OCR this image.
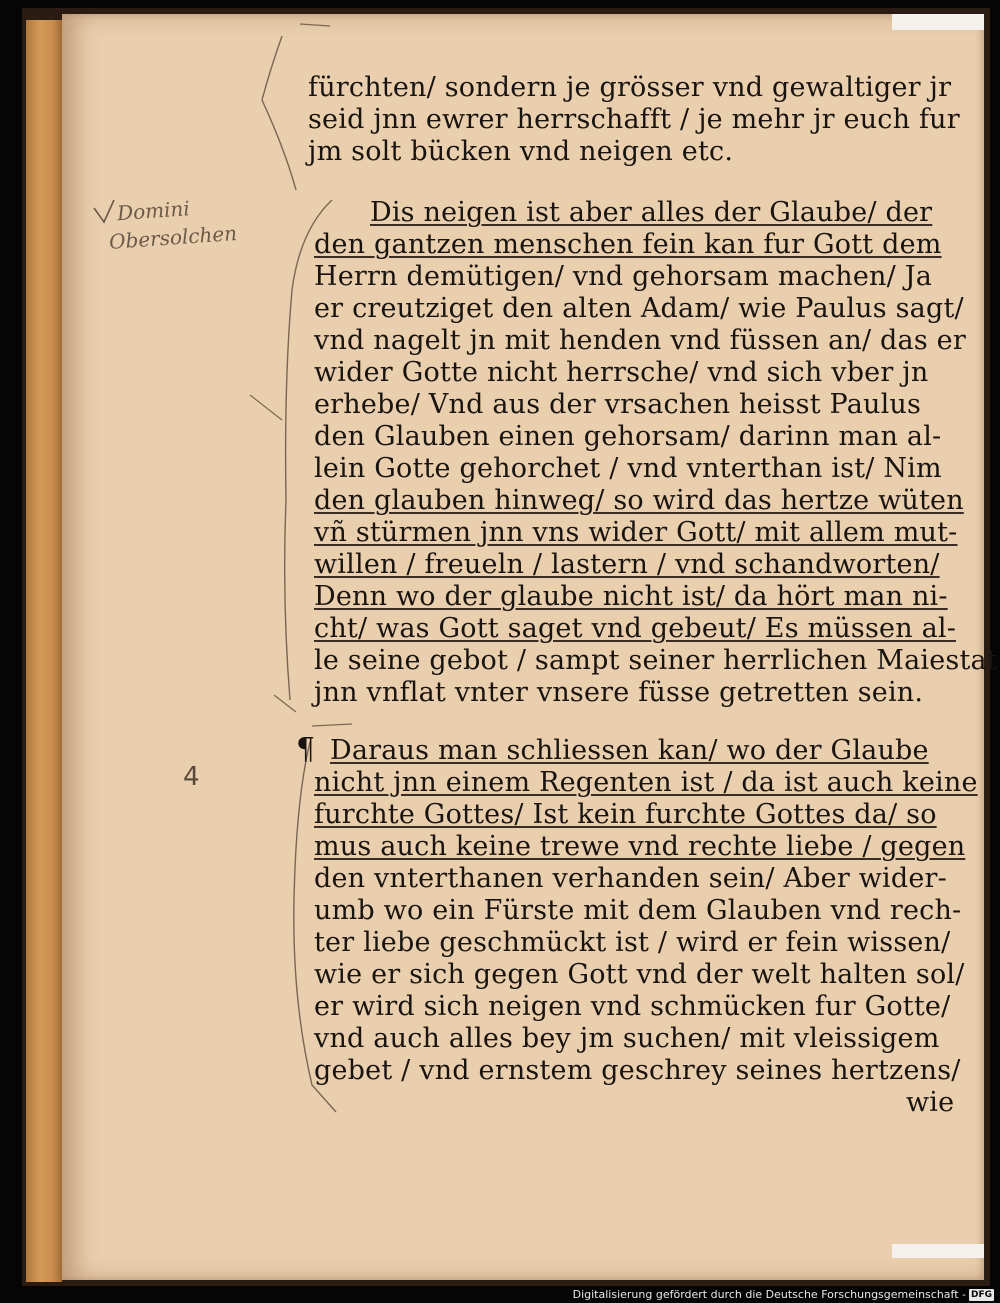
Domini
Obersolchen
4
¶
fürchten/ sondern je grösser vnd gewaltiger jr
seid jnn ewrer herrschafft / je mehr jr euch fur
jm solt bücken vnd neigen etc.
Dis neigen ist aber alles der Glaube/ der
den gantzen menschen fein kan fur Gott dem
Herrn demütigen/ vnd gehorsam machen/ Ja
er creutziget den alten Adam/ wie Paulus sagt/
vnd nagelt jn mit henden vnd füssen an/ das er
wider Gotte nicht herrsche/ vnd sich vber jn
erhebe/ Vnd aus der vrsachen heisst Paulus
den Glauben einen gehorsam/ darinn man al-
lein Gotte gehorchet / vnd vnterthan ist/ Nim
den glauben hinweg/ so wird das hertze wüten
vñ stürmen jnn vns wider Gott/ mit allem mut-
willen / freueln / lastern / vnd schandworten/
Denn wo der glaube nicht ist/ da hört man ni-
cht/ was Gott saget vnd gebeut/ Es müssen al-
le seine gebot / sampt seiner herrlichen Maiestat
jnn vnflat vnter vnsere füsse getretten sein.
Daraus man schliessen kan/ wo der Glaube
nicht jnn einem Regenten ist / da ist auch keine
furchte Gottes/ Ist kein furchte Gottes da/ so
mus auch keine trewe vnd rechte liebe / gegen
den vnterthanen verhanden sein/ Aber wider-
umb wo ein Fürste mit dem Glauben vnd rech-
ter liebe geschmückt ist / wird er fein wissen/
wie er sich gegen Gott vnd der welt halten sol/
er wird sich neigen vnd schmücken fur Gotte/
vnd auch alles bey jm suchen/ mit vleissigem
gebet / vnd ernstem geschrey seines hertzens/
wie
Digitalisierung gefördert durch die Deutsche Forschungsgemeinschaft - DFG
